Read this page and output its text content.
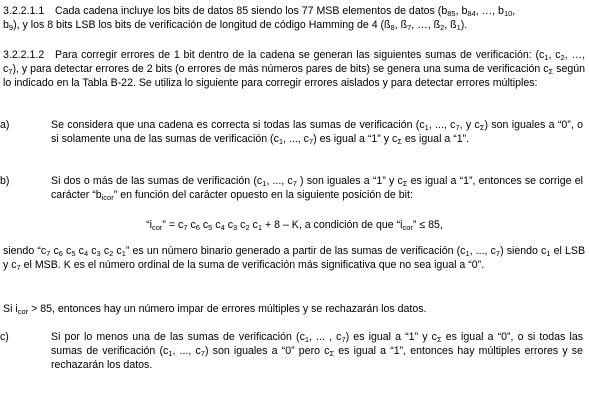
3.2.2.1.1 Cada cadena incluye los bits de datos 85 siendo los 77 MSB elementos de datos ($b_{85}$, $b_{84}$, …, $b_{10}$,
$b_9$), y los 8 bits LSB los bits de verificación de longitud de código Hamming de 4 ($ß_8$, $ß_7$, …, $ß_2$, $ß_1$).

3.2.2.1.2 Para corregir errores de 1 bit dentro de la cadena se generan las siguientes sumas de verificación: ($c_1$, $c_2$, …, $c_7$), y para detectar errores de 2 bits (o errores de más números pares de bits) se genera una suma de verificación $c_\Sigma$ según lo indicado en la Tabla B-22. Se utiliza lo siguiente para corregir errores aislados y para detectar errores múltiples:

a)	Se considera que una cadena es correcta si todas las sumas de verificación ($c_1$, ..., $c_7$, y $c_\Sigma$) son iguales a “0”, o si solamente una de las sumas de verificación ($c_1$, ..., $c_7$) es igual a “1” y $c_\Sigma$ es igual a “1”.
b)	Si dos o más de las sumas de verificación ($c_1$, ..., $c_7$ ) son iguales a “1” y $c_\Sigma$ es igual a “1”, entonces se corrige el carácter “$b_{icor}$” en función del carácter opuesto en la siguiente posición de bit:

“$i_{cor}$” = $c_7$ $c_6$ $c_5$ $c_4$ $c_3$ $c_2$ $c_1 + 8 - K$, a condición de que “$i_{cor}$” ≤ 85,

siendo “$c_7$ $c_6$ $c_5$ $c_4$ $c_3$ $c_2$ $c_1$” es un número binario generado a partir de las sumas de verificación ($c_1$, ..., $c_7$) siendo $c_1$ el LSB y $c_7$ el MSB. K es el número ordinal de la suma de verificación más significativa que no sea igual a “0”.

Si $i_{cor} > 85$, entonces hay un número impar de errores múltiples y se rechazarán los datos.

c)	Si por lo menos una de las sumas de verificación ($c_1$, ... , $c_7$) es igual a “1” y $c_\Sigma$ es igual a “0”, o si todas las sumas de verificación ($c_1$, ..., $c_7$) son iguales a “0” pero $c_\Sigma$ es igual a “1”, entonces hay múltiples errores y se rechazarán los datos.
